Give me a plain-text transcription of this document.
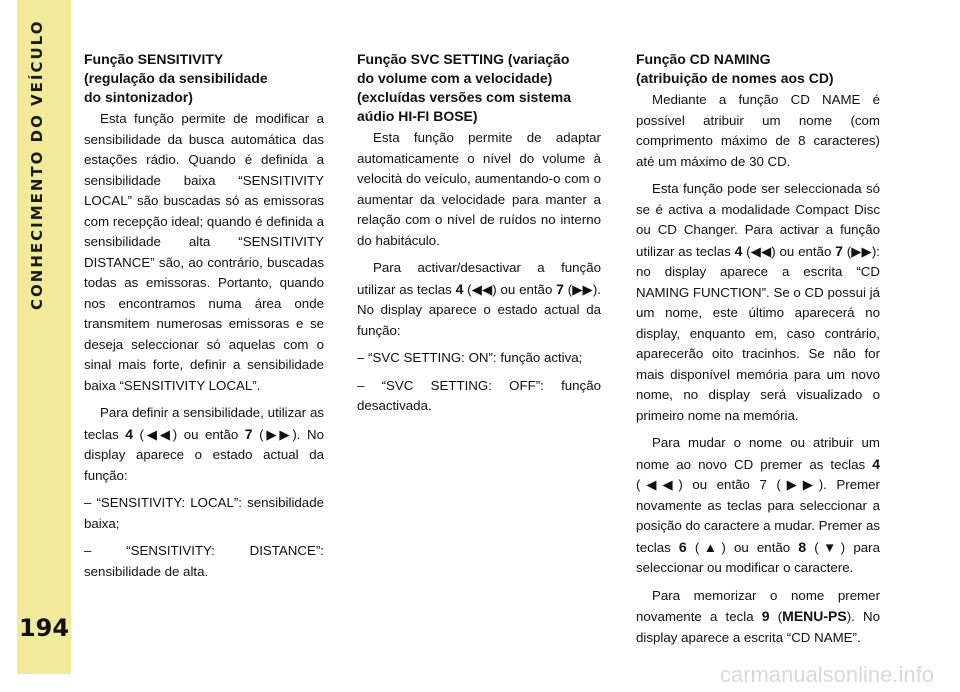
CONHECIMENTO DO VEÍCULO
194
Função SENSITIVITY
(regulação da sensibilidade
do sintonizador)

Esta função permite de modificar a sensibilidade da busca automática das estações rádio. Quando é definida a sensibilidade baixa “SENSITIVITY LOCAL” são buscadas só as emissoras com recepção ideal; quando é definida a sensibilidade alta “SENSITIVITY DISTANCE” são, ao contrário, buscadas todas as emissoras. Portanto, quando nos encontramos numa área onde transmitem numerosas emissoras e se deseja seleccionar só aquelas com o sinal mais forte, definir a sensibilidade baixa “SENSITIVITY LOCAL”.

Para definir a sensibilidade, utilizar as teclas 4 (◀◀) ou então 7 (▶▶). No display aparece o estado actual da função:

– “SENSITIVITY: LOCAL”: sensibilidade baixa;

– “SENSITIVITY: DISTANCE”: sensibilidade de alta.

Função SVC SETTING (variação
do volume com a velocidade)
(excluídas versões com sistema
aúdio HI-FI BOSE)

Esta função permite de adaptar automaticamente o nível do volume à velocità do veículo, aumentando-o com o aumentar da velocidade para manter a relação com o nível de ruídos no interno do habitáculo.

Para activar/desactivar a função utilizar as teclas 4 (◀◀) ou então 7 (▶▶). No display aparece o estado actual da função:

– “SVC SETTING: ON”: função activa;

– “SVC SETTING: OFF”: função desactivada.

Função CD NAMING
(atribuição de nomes aos CD)

Mediante a função CD NAME é possível atribuir um nome (com comprimento máximo de 8 caracteres) até um máximo de 30 CD.

Esta função pode ser seleccionada só se é activa a modalidade Compact Disc ou CD Changer. Para activar a função utilizar as teclas 4 (◀◀) ou então 7 (▶▶): no display aparece a escrita “CD NAMING FUNCTION”. Se o CD possui já um nome, este último aparecerá no display, enquanto em, caso contrário, aparecerão oito tracinhos. Se não for mais disponível memória para um novo nome, no display será visualizado o primeiro nome na memória.

Para mudar o nome ou atribuir um nome ao novo CD premer as teclas 4 (◀◀) ou então 7 (▶▶). Premer novamente as teclas para seleccionar a posição do caractere a mudar. Premer as teclas 6 (▲) ou então 8 (▼) para seleccionar ou modificar o caractere.

Para memorizar o nome premer novamente a tecla 9 (MENU-PS). No display aparece a escrita “CD NAME”.

carmanualsonline.info
